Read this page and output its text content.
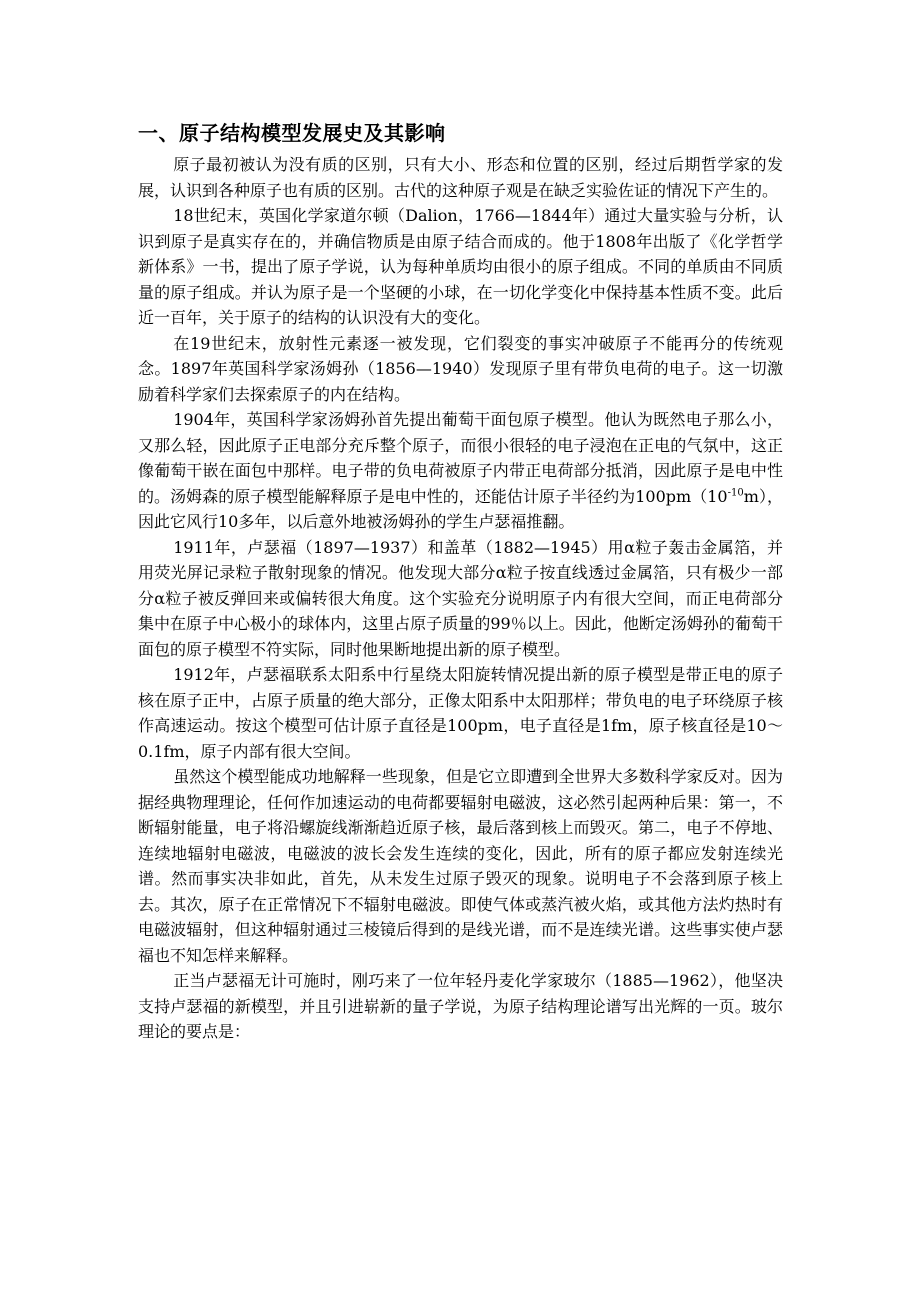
一、原子结构模型发展史及其影响

原子最初被认为没有质的区别，只有大小、形态和位置的区别，经过后期哲学家的发展，认识到各种原子也有质的区别。古代的这种原子观是在缺乏实验佐证的情况下产生的。

18世纪末，英国化学家道尔顿（Dalion，1766—1844年）通过大量实验与分析，认识到原子是真实存在的，并确信物质是由原子结合而成的。他于1808年出版了《化学哲学新体系》一书，提出了原子学说，认为每种单质均由很小的原子组成。不同的单质由不同质量的原子组成。并认为原子是一个坚硬的小球，在一切化学变化中保持基本性质不变。此后近一百年，关于原子的结构的认识没有大的变化。

在19世纪末，放射性元素逐一被发现，它们裂变的事实冲破原子不能再分的传统观念。1897年英国科学家汤姆孙（1856—1940）发现原子里有带负电荷的电子。这一切激励着科学家们去探索原子的内在结构。

1904年，英国科学家汤姆孙首先提出葡萄干面包原子模型。他认为既然电子那么小，又那么轻，因此原子正电部分充斥整个原子，而很小很轻的电子浸泡在正电的气氛中，这正像葡萄干嵌在面包中那样。电子带的负电荷被原子内带正电荷部分抵消，因此原子是电中性的。汤姆森的原子模型能解释原子是电中性的，还能估计原子半径约为$100pm(10^{-10}m)$，因此它风行10多年，以后意外地被汤姆孙的学生卢瑟福推翻。

1911年，卢瑟福（1897—1937）和盖革（1882—1945）用α粒子轰击金属箔，并用荧光屏记录粒子散射现象的情况。他发现大部分α粒子按直线透过金属箔，只有极少一部分α粒子被反弹回来或偏转很大角度。这个实验充分说明原子内有很大空间，而正电荷部分集中在原子中心极小的球体内，这里占原子质量的99％以上。因此，他断定汤姆孙的葡萄干面包的原子模型不符实际，同时他果断地提出新的原子模型。

1912年，卢瑟福联系太阳系中行星绕太阳旋转情况提出新的原子模型是带正电的原子核在原子正中，占原子质量的绝大部分，正像太阳系中太阳那样；带负电的电子环绕原子核作高速运动。按这个模型可估计原子直径是100pm，电子直径是1fm，原子核直径是10～0.1fm，原子内部有很大空间。

虽然这个模型能成功地解释一些现象，但是它立即遭到全世界大多数科学家反对。因为据经典物理理论，任何作加速运动的电荷都要辐射电磁波，这必然引起两种后果：第一，不断辐射能量，电子将沿螺旋线渐渐趋近原子核，最后落到核上而毁灭。第二，电子不停地、连续地辐射电磁波，电磁波的波长会发生连续的变化，因此，所有的原子都应发射连续光谱。然而事实决非如此，首先，从未发生过原子毁灭的现象。说明电子不会落到原子核上去。其次，原子在正常情况下不辐射电磁波。即使气体或蒸汽被火焰，或其他方法灼热时有电磁波辐射，但这种辐射通过三棱镜后得到的是线光谱，而不是连续光谱。这些事实使卢瑟福也不知怎样来解释。

正当卢瑟福无计可施时，刚巧来了一位年轻丹麦化学家玻尔（1885—1962），他坚决支持卢瑟福的新模型，并且引进崭新的量子学说，为原子结构理论谱写出光辉的一页。玻尔理论的要点是：
